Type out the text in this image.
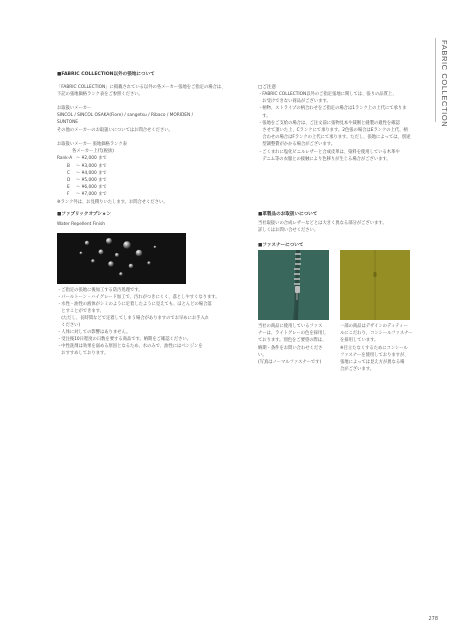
FABRIC COLLECTION
■FABRIC COLLECTION以外の張地について
「FABRIC COLLECTION」に掲載されている以外の各メーカー張地をご指定の場合は、
下記の張地価格ランク表をご参照ください。
お取扱いメーカー
SINCOL / SINCOL OSAKA(Fiore) / sangetsu / Ribaco / MORIDEN /
SUNTONE
その他のメーカーのお取扱いについてはお問合せください。
お取扱いメーカー 張地価格ランク表
各メーカー上代(税抜)
Rank-A 〜 ¥2,000 まで
B	〜 ¥3,000 まで
C	〜 ¥4,000 まで
D	〜 ¥5,000 まで
E	〜 ¥6,000 まで
F	〜 ¥7,000 まで
※ランク外は、お見積りいたします。お問合せください。
□ご注意
・FABRIC COLLECTION以外のご指定張地に関しては、張りの品質上、
　お受けできない商品がございます。
・柄物、ストライプの柄合わせをご指定の場合は1ランク上の上代にて承りま
　す。
・張地をご支給の場合は、ご注文前に張物見本や裁断と縫製の適性を確認
　させて頂いた上、Cランクにて承ります。2色張の場合はEランクの上代、柄
　合わせの場合はFランクの上代にて承ります。ただし、張地によっては、別途
　型調整費がかかる場合がございます。
・ごくまれに塩化ビニルレザーと合成皮革は、染料を使用している木革や
　デニム等の衣服との接触により色移りが生じる場合がございます。
■ファブリックオプション
Water Repellent Finish
・ご指定の張地に後加工する防汚処理です。
・パールトーン・ハイグレード加工で、汚れがつきにくく、落としやすくなります。
・水性・油性の液体がシミのように定着したように見えても、ほとんどの場合落
　とすことができます。
　(ただし、長時間などで定着してしまう場合がありますのでお早めにお手入れ
　ください)
・人体に対しての影響はありません。
・受注後10日程度の日数を要する商品です。納期をご確認ください。
・中性洗剤は効果を弱める原因となるため、水のみで、油性にはベンジンを
　おすすめしております。
■革製品のお取扱いについて
当社取扱いの合成レザーなどとは大きく異なる部分がございます。
詳しくはお問い合せください。
■ファスナーについて
当社の商品に使用しているファス
ナーは、ライトグレーの色を採用し
ております。別色をご要望の際は、
納期・条件をお問い合わせくださ
い。
(写真はノーマルファスナーです)
一部の商品はデザインのディティー
ルにこだわり、コンシールファスナー
を採用しています。
※目立たなくするためにコンシール
ファスナーを使用しておりますが、
張地によっては見え方が異なる場
合がございます。
278
